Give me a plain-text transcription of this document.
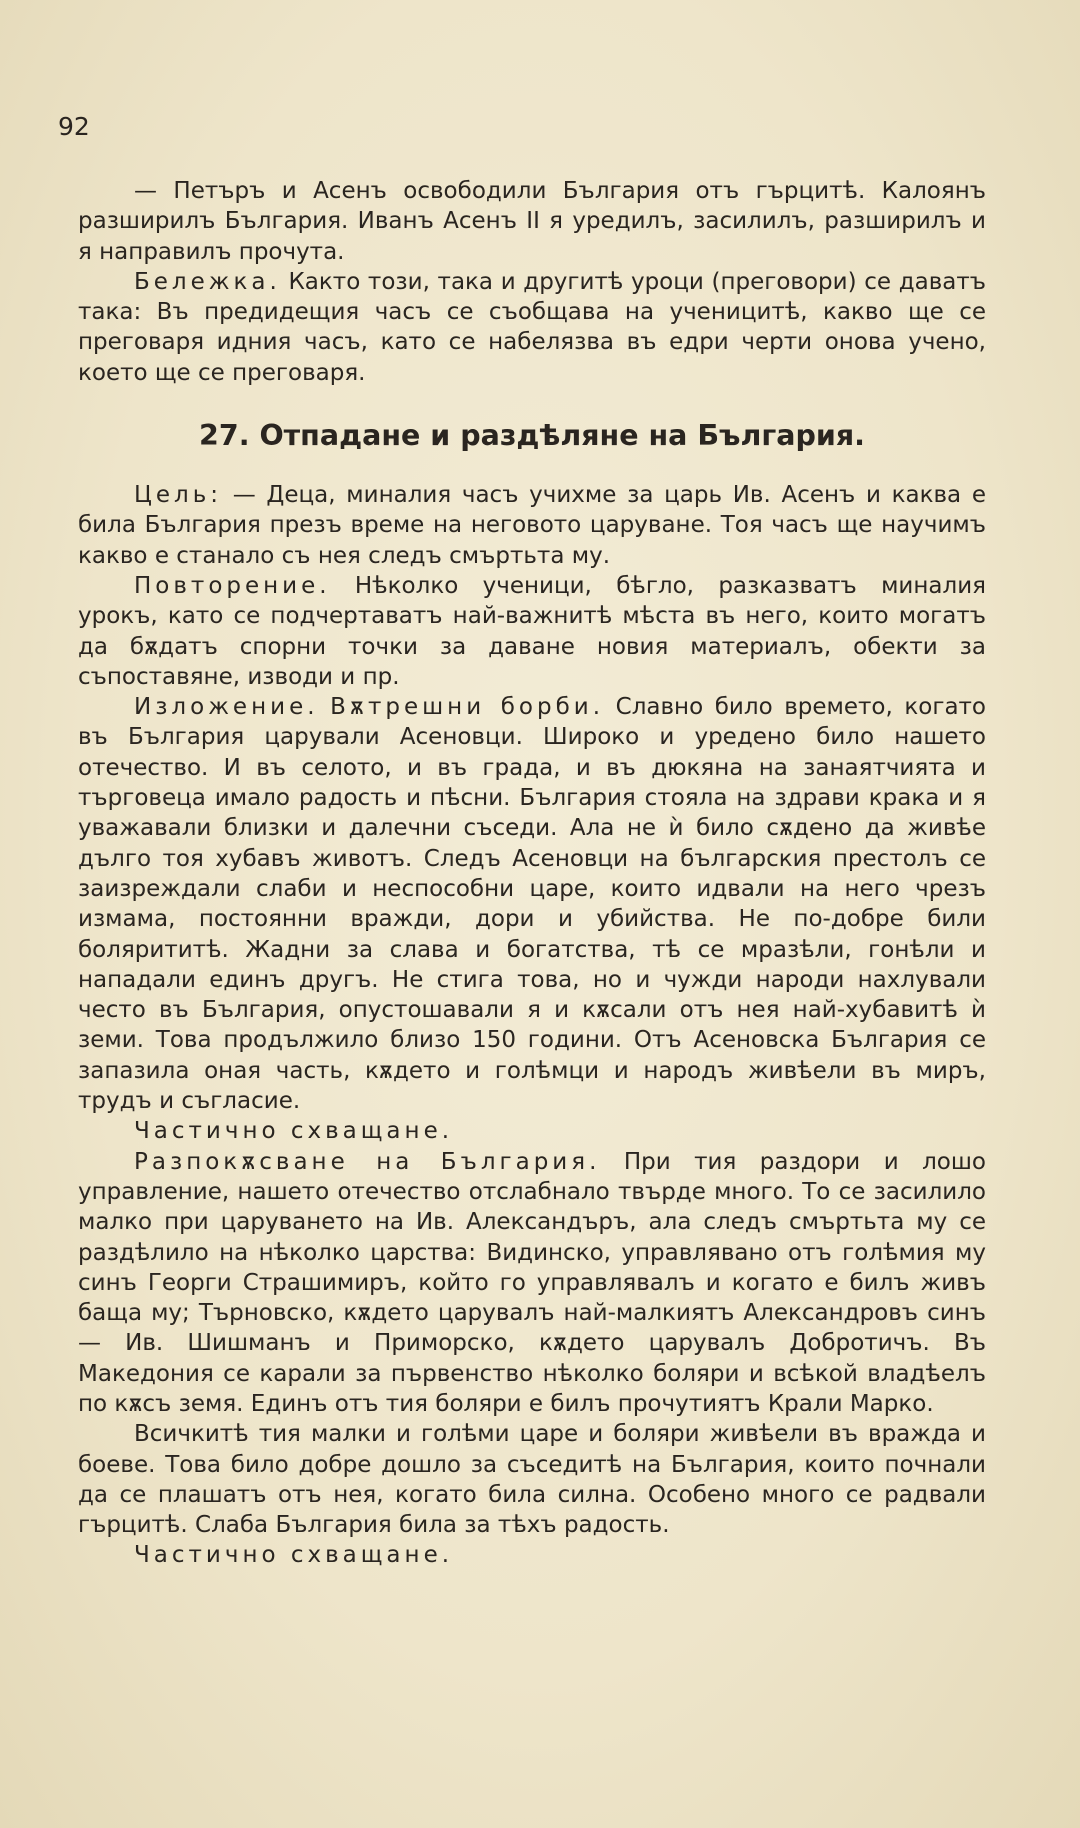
92

— Петъръ и Асенъ освободили България отъ гърцитѣ. Калоянъ разширилъ България. Иванъ Асенъ II я уредилъ, засилилъ, разширилъ и я направилъ прочута.

Бележка. Както този, така и другитѣ уроци (преговори) се даватъ така: Въ предидещия часъ се съобщава на ученицитѣ, какво ще се преговаря идния часъ, като се набелязва въ едри черти онова учено, което ще се преговаря.

27. Отпадане и раздѣляне на България.

Цель: — Деца, миналия часъ учихме за царь Ив. Асенъ и каква е била България презъ време на неговото царуване. Тоя часъ ще научимъ какво е станало съ нея следъ смъртьта му.

Повторение. Нѣколко ученици, бѣгло, разказватъ миналия урокъ, като се подчертаватъ най-важнитѣ мѣста въ него, които могатъ да бѫдатъ спорни точки за даване новия материалъ, обекти за съпоставяне, изводи и пр.

Изложение. Вѫтрешни борби. Славно било времето, когато въ България царували Асеновци. Широко и уредено било нашето отечество. И въ селото, и въ града, и въ дюкяна на занаятчията и търговеца имало радость и пѣсни. България стояла на здрави крака и я уважавали близки и далечни съседи. Ала не ѝ било сѫдено да живѣе дълго тоя хубавъ животъ. Следъ Асеновци на българския престолъ се заизреждали слаби и неспособни царе, които идвали на него чрезъ измама, постоянни вражди, дори и убийства. Не по-добре били болярититѣ. Жадни за слава и богатства, тѣ се мразѣли, гонѣли и нападали единъ другъ. Не стига това, но и чужди народи нахлували често въ България, опустошавали я и кѫсали отъ нея най-хубавитѣ ѝ земи. Това продължило близо 150 години. Отъ Асеновска България се запазила оная часть, кѫдето и голѣмци и народъ живѣели въ миръ, трудъ и съгласие.

Частично схващане.

Разпокѫсване на България. При тия раздори и лошо управление, нашето отечество отслабнало твърде много. То се засилило малко при царуването на Ив. Александъръ, ала следъ смъртьта му се раздѣлило на нѣколко царства: Видинско, управлявано отъ голѣмия му синъ Георги Страшимиръ, който го управлявалъ и когато е билъ живъ баща му; Търновско, кѫдето царувалъ най-малкиятъ Александровъ синъ — Ив. Шишманъ и Приморско, кѫдето царувалъ Добротичъ. Въ Македония се карали за първенство нѣколко боляри и всѣкой владѣелъ по кѫсъ земя. Единъ отъ тия боляри е билъ прочутиятъ Крали Марко.

Всичкитѣ тия малки и голѣми царе и боляри живѣели въ вражда и боеве. Това било добре дошло за съседитѣ на България, които почнали да се плашатъ отъ нея, когато била силна. Особено много се радвали гърцитѣ. Слаба България била за тѣхъ радость.

Частично схващане.
